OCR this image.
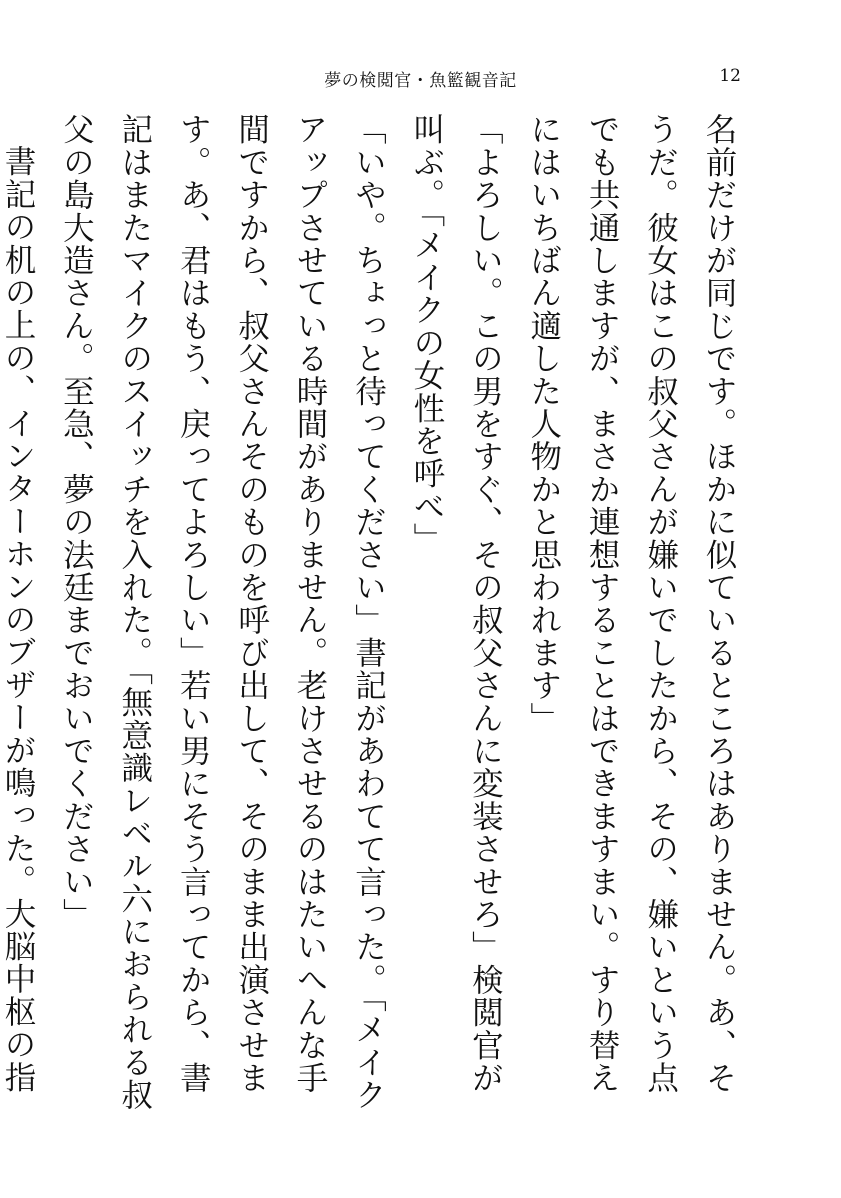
夢の検閲官・魚籃観音記	12

名前だけが同じです。ほかに似ているところはありません。あ、そうだ。彼女はこの叔父さんが嫌いでしたから、その、嫌いという点でも共通しますが、まさか連想することはできますまい。すり替えにはいちばん適した人物かと思われます」

「よろしい。この男をすぐ、その叔父さんに変装させろ」検閲官が叫ぶ。「メイクの女性を呼べ」

「いや。ちょっと待ってください」書記があわてて言った。「メイクアップさせている時間がありません。老けさせるのはたいへんな手間ですから、叔父さんそのものを呼び出して、そのまま出演させます。あ、君はもう、戻ってよろしい」若い男にそう言ってから、書記はまたマイクのスイッチを入れた。「無意識レベル六におられる叔父の島大造さん。至急、夢の法廷までおいでください」

書記の机の上の、インターホンのブザーが鳴った。大脳中枢の指
